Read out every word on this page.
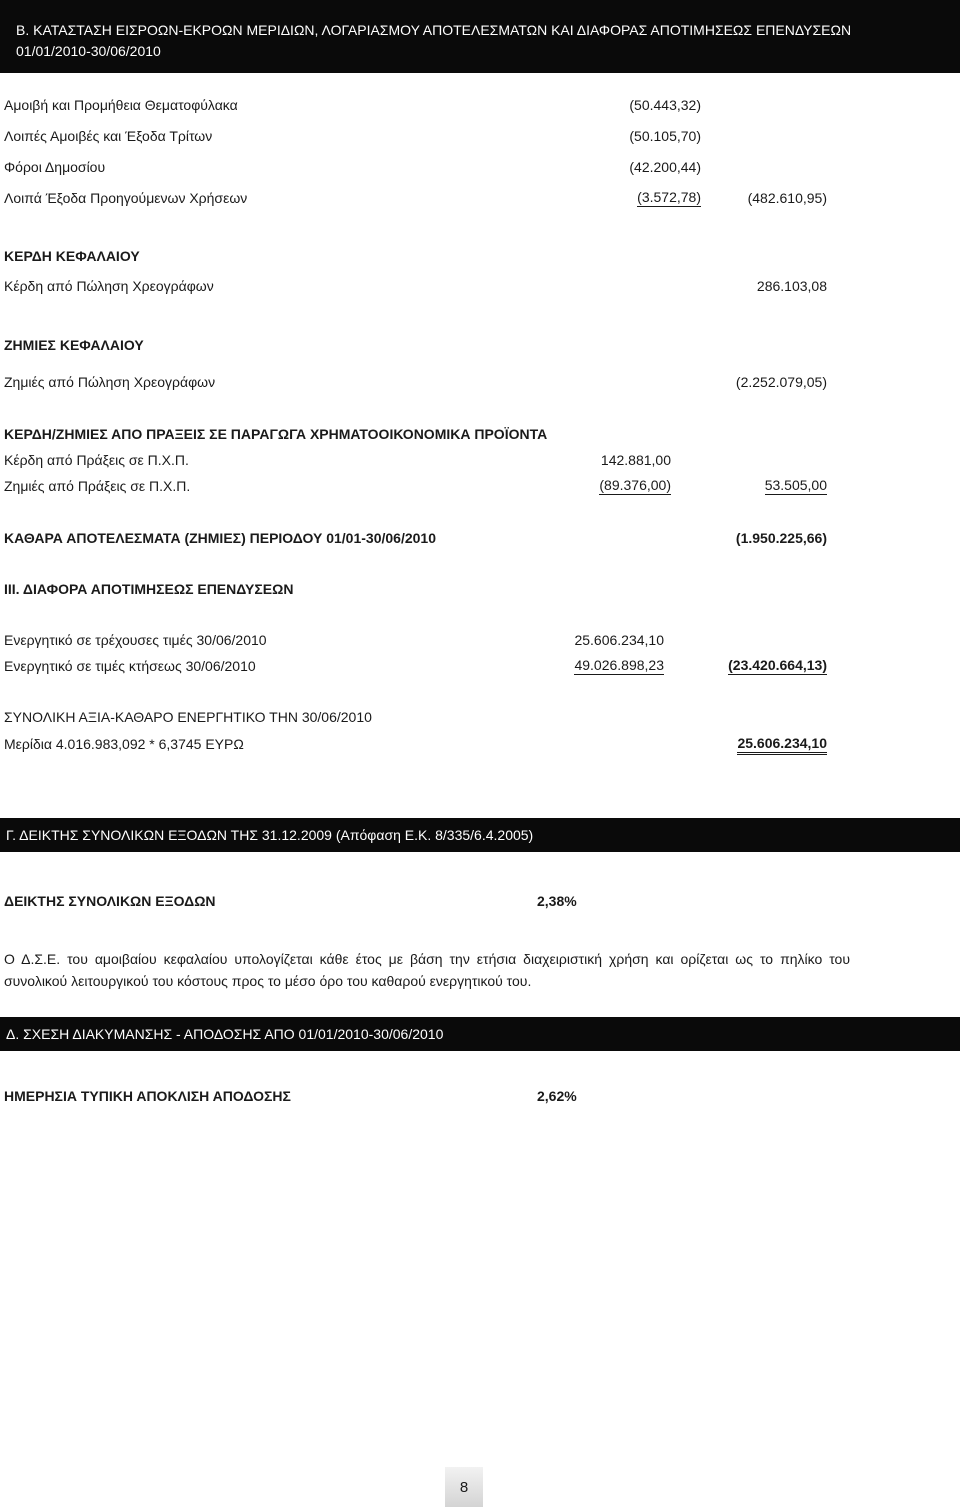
Β. ΚΑΤΑΣΤΑΣΗ ΕΙΣΡΟΩΝ-ΕΚΡΟΩΝ ΜΕΡΙΔΙΩΝ, ΛΟΓΑΡΙΑΣΜΟΥ ΑΠΟΤΕΛΕΣΜΑΤΩΝ ΚΑΙ ΔΙΑΦΟΡΑΣ ΑΠΟΤΙΜΗΣΕΩΣ ΕΠΕΝΔΥΣΕΩΝ
01/01/2010-30/06/2010
Αμοιβή και Προμήθεια Θεματοφύλακα	(50.443,32)
Λοιπές Αμοιβές και Έξοδα Τρίτων	(50.105,70)
Φόροι Δημοσίου	(42.200,44)
Λοιπά Έξοδα Προηγούμενων Χρήσεων	(3.572,78)	(482.610,95)
ΚΕΡΔΗ ΚΕΦΑΛΑΙΟΥ
Κέρδη από Πώληση Χρεογράφων	286.103,08
ΖΗΜΙΕΣ ΚΕΦΑΛΑΙΟΥ
Ζημιές από Πώληση Χρεογράφων	(2.252.079,05)
ΚΕΡΔΗ/ΖΗΜΙΕΣ ΑΠΟ ΠΡΑΞΕΙΣ ΣΕ ΠΑΡΑΓΩΓΑ ΧΡΗΜΑΤΟΟΙΚΟΝΟΜΙΚΑ ΠΡΟΪΟΝΤΑ
Κέρδη από Πράξεις σε Π.Χ.Π.	142.881,00
Ζημιές από Πράξεις σε Π.Χ.Π.	(89.376,00)	53.505,00
ΚΑΘΑΡΑ ΑΠΟΤΕΛΕΣΜΑΤΑ (ΖΗΜΙΕΣ) ΠΕΡΙΟΔΟΥ 01/01-30/06/2010	(1.950.225,66)
ΙΙΙ. ΔΙΑΦΟΡΑ ΑΠΟΤΙΜΗΣΕΩΣ ΕΠΕΝΔΥΣΕΩΝ
Ενεργητικό σε τρέχουσες τιμές 30/06/2010	25.606.234,10
Ενεργητικό σε τιμές κτήσεως 30/06/2010	49.026.898,23	(23.420.664,13)
ΣΥΝΟΛΙΚΗ ΑΞΙΑ-ΚΑΘΑΡΟ ΕΝΕΡΓΗΤΙΚΟ ΤΗΝ 30/06/2010
Μερίδια 4.016.983,092 * 6,3745 ΕΥΡΩ	25.606.234,10
Γ. ΔΕΙΚΤΗΣ ΣΥΝΟΛΙΚΩΝ ΕΞΟΔΩΝ ΤΗΣ 31.12.2009 (Απόφαση Ε.Κ. 8/335/6.4.2005)
ΔΕΙΚΤΗΣ ΣΥΝΟΛΙΚΩΝ ΕΞΟΔΩΝ	2,38%
Ο Δ.Σ.Ε. του αμοιβαίου κεφαλαίου υπολογίζεται κάθε έτος με βάση την ετήσια διαχειριστική χρήση και ορίζεται ως το πηλίκο του συνολικού λειτουργικού του κόστους προς το μέσο όρο του καθαρού ενεργητικού του.
Δ. ΣΧΕΣΗ ΔΙΑΚΥΜΑΝΣΗΣ - ΑΠΟΔΟΣΗΣ ΑΠΟ 01/01/2010-30/06/2010
ΗΜΕΡΗΣΙΑ ΤΥΠΙΚΗ ΑΠΟΚΛΙΣΗ ΑΠΟΔΟΣΗΣ	2,62%
8
